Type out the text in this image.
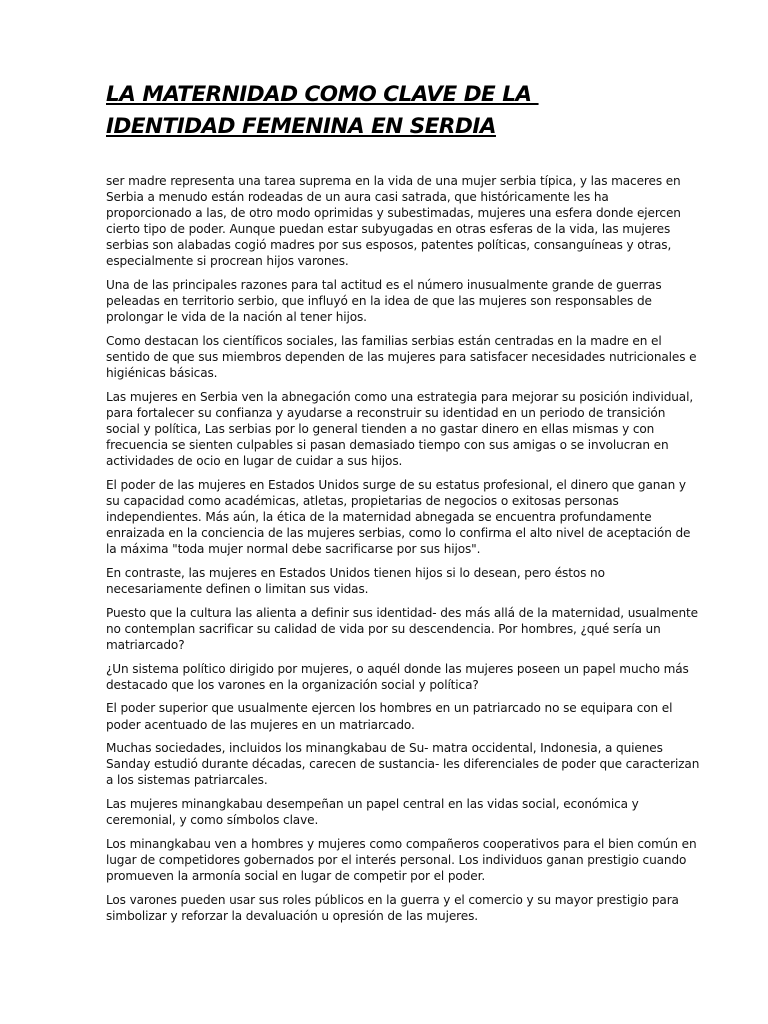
LA MATERNIDAD COMO CLAVE DE LA
IDENTIDAD FEMENINA EN SERDIA

ser madre representa una tarea suprema en la vida de una mujer serbia típica, y las maceres en
Serbia a menudo están rodeadas de un aura casi satrada, que históricamente les ha
proporcionado a las, de otro modo oprimidas y subestimadas, mujeres una esfera donde ejercen
cierto tipo de poder. Aunque puedan estar subyugadas en otras esferas de la vida, las mujeres
serbias son alabadas cogió madres por sus esposos, patentes políticas, consanguíneas y otras,
especialmente si procrean hijos varones.

Una de las principales razones para tal actitud es el número inusualmente grande de guerras
peleadas en territorio serbio, que influyó en la idea de que las mujeres son responsables de
prolongar le vida de la nación al tener hijos.

Como destacan los científicos sociales, las familias serbias están centradas en la madre en el
sentido de que sus miembros dependen de las mujeres para satisfacer necesidades nutricionales e
higiénicas básicas.

Las mujeres en Serbia ven la abnegación como una estrategia para mejorar su posición individual,
para fortalecer su confianza y ayudarse a reconstruir su identidad en un periodo de transición
social y política, Las serbias por lo general tienden a no gastar dinero en ellas mismas y con
frecuencia se sienten culpables si pasan demasiado tiempo con sus amigas o se involucran en
actividades de ocio en lugar de cuidar a sus hijos.

El poder de las mujeres en Estados Unidos surge de su estatus profesional, el dinero que ganan y
su capacidad como académicas, atletas, propietarias de negocios o exitosas personas
independientes. Más aún, la ética de la maternidad abnegada se encuentra profundamente
enraizada en la conciencia de las mujeres serbias, como lo confirma el alto nivel de aceptación de
la máxima "toda mujer normal debe sacrificarse por sus hijos".

En contraste, las mujeres en Estados Unidos tienen hijos si lo desean, pero éstos no
necesariamente definen o limitan sus vidas.

Puesto que la cultura las alienta a definir sus identidad- des más allá de la maternidad, usualmente
no contemplan sacrificar su calidad de vida por su descendencia. Por hombres, ¿qué sería un
matriarcado?

¿Un sistema político dirigido por mujeres, o aquél donde las mujeres poseen un papel mucho más
destacado que los varones en la organización social y política?

El poder superior que usualmente ejercen los hombres en un patriarcado no se equipara con el
poder acentuado de las mujeres en un matriarcado.

Muchas sociedades, incluidos los minangkabau de Su- matra occidental, Indonesia, a quienes
Sanday estudió durante décadas, carecen de sustancia- les diferenciales de poder que caracterizan
a los sistemas patriarcales.

Las mujeres minangkabau desempeñan un papel central en las vidas social, económica y
ceremonial, y como símbolos clave.

Los minangkabau ven a hombres y mujeres como compañeros cooperativos para el bien común en
lugar de competidores gobernados por el interés personal. Los individuos ganan prestigio cuando
promueven la armonía social en lugar de competir por el poder.

Los varones pueden usar sus roles públicos en la guerra y el comercio y su mayor prestigio para
simbolizar y reforzar la devaluación u opresión de las mujeres.
